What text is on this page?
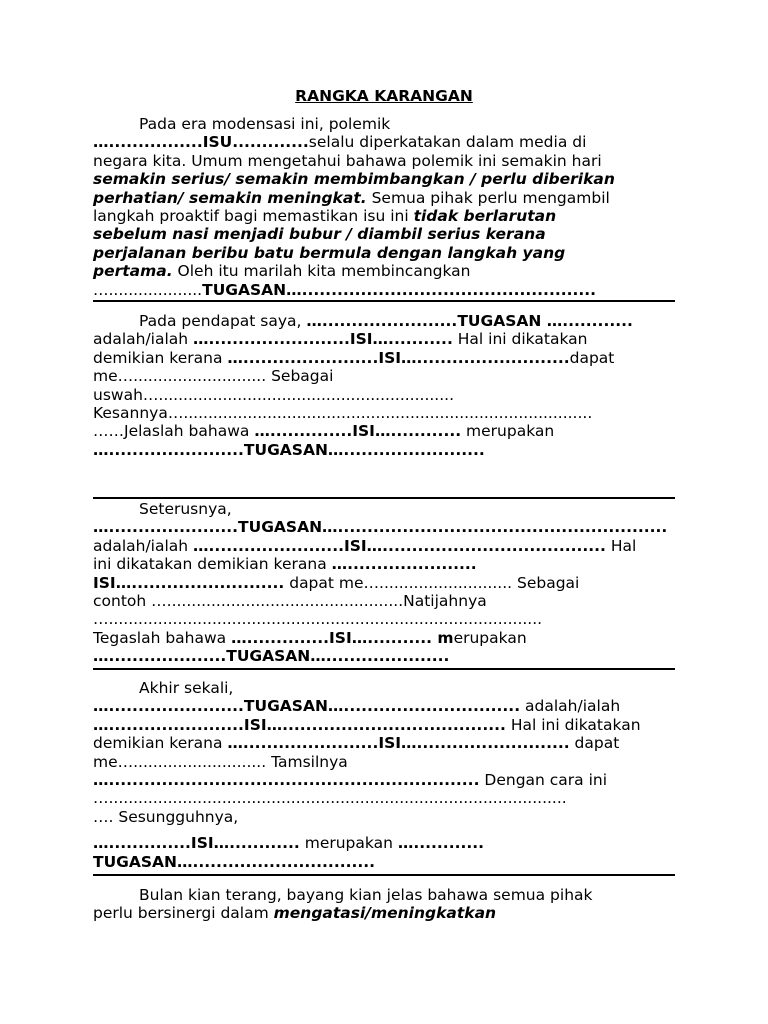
RANGKA KARANGAN
Pada era modensasi ini, polemik
…................ISU.............selalu diperkatakan dalam media di
negara kita. Umum mengetahui bahawa polemik ini semakin hari
semakin serius/ semakin membimbangkan / perlu diberikan
perhatian/ semakin meningkat. Semua pihak perlu mengambil
langkah proaktif bagi memastikan isu ini tidak berlarutan
sebelum nasi menjadi bubur / diambil serius kerana
perjalanan beribu batu bermula dengan langkah yang
pertama. Oleh itu marilah kita membincangkan
…...................TUGASAN…..................................................
Pada pendapat saya, ….......................TUGASAN …............
adalah/ialah …........................ISI…........... Hal ini dikatakan
demikian kerana ….......................ISI…..........................dapat
me…........................... Sebagai
uswah…............................................................
Kesannya…...................................................................................
……Jelaslah bahawa …..............ISI…............ merupakan
….......................TUGASAN…........................
Seterusnya,
…......................TUGASAN…........................................................
adalah/ialah ….......................ISI…...................................... Hal
ini dikatakan demikian kerana …......................
ISI….......................... dapat me…........................... Sebagai
contoh …................................................Natijahnya
…........................................................................................
Tegaslah bahawa …..............ISI…........... merupakan
…....................TUGASAN….....................
Akhir sekali,
….......................TUGASAN….............................. adalah/ialah
….......................ISI…...................................... Hal ini dikatakan
demikian kerana ….......................ISI….......................... dapat
me…........................... Tamsilnya
…............................................................... Dengan cara ini
….............................................................................................
…. Sesungguhnya,
…..............ISI…............ merupakan …............
TUGASAN…...............................
Bulan kian terang, bayang kian jelas bahawa semua pihak
perlu bersinergi dalam mengatasi/meningkatkan
